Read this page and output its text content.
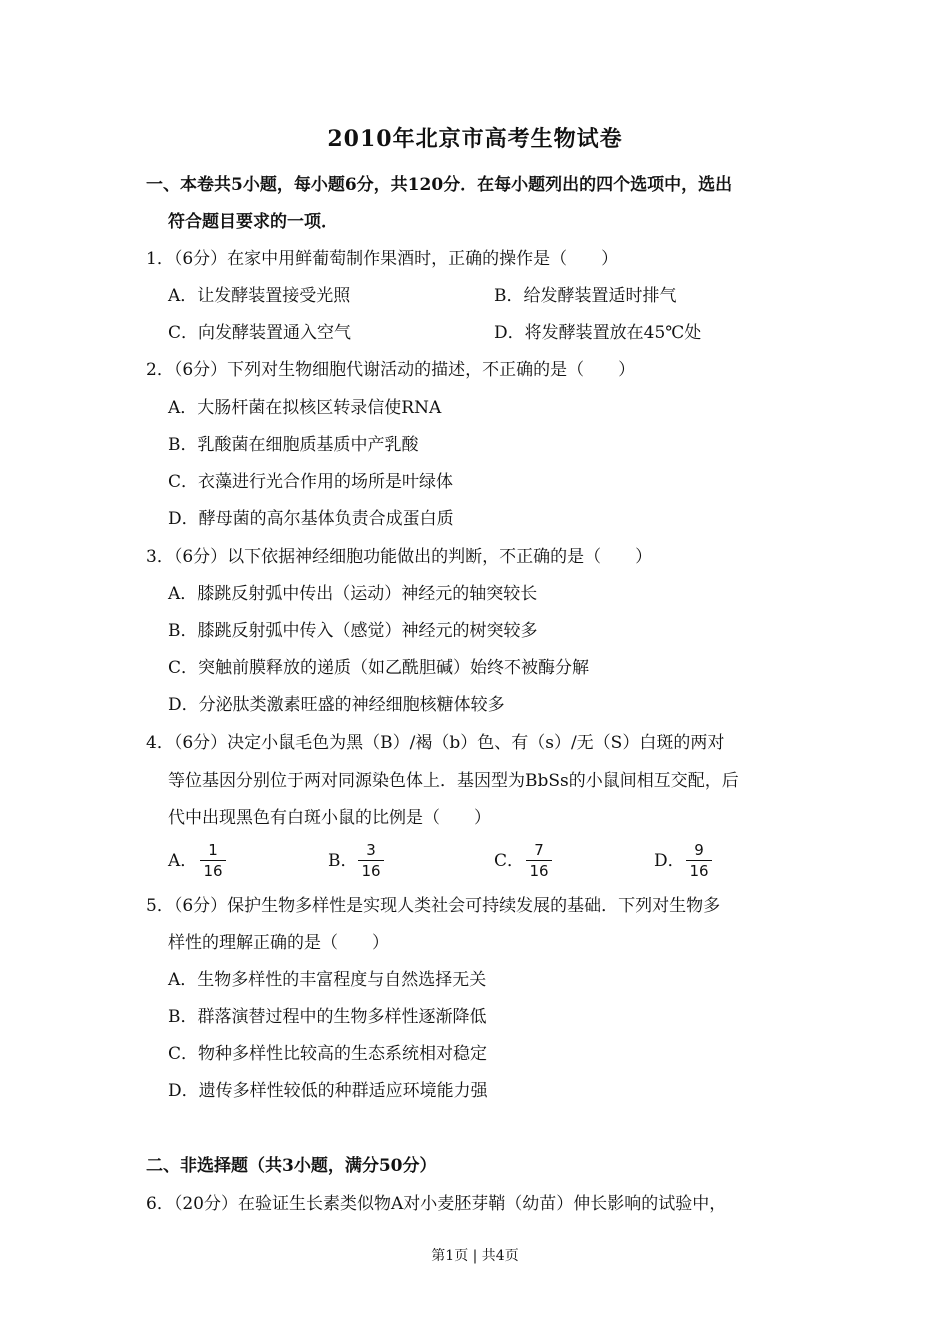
2010年北京市高考生物试卷
一、本卷共5小题，每小题6分，共120分．在每小题列出的四个选项中，选出
符合题目要求的一项．
1．（6分）在家中用鲜葡萄制作果酒时，正确的操作是（　　）
A．让发酵装置接受光照	B．给发酵装置适时排气
C．向发酵装置通入空气	D．将发酵装置放在45℃处
2．（6分）下列对生物细胞代谢活动的描述，不正确的是（　　）
A．大肠杆菌在拟核区转录信使RNA
B．乳酸菌在细胞质基质中产乳酸
C．衣藻进行光合作用的场所是叶绿体
D．酵母菌的高尔基体负责合成蛋白质
3．（6分）以下依据神经细胞功能做出的判断，不正确的是（　　）
A．膝跳反射弧中传出（运动）神经元的轴突较长
B．膝跳反射弧中传入（感觉）神经元的树突较多
C．突触前膜释放的递质（如乙酰胆碱）始终不被酶分解
D．分泌肽类激素旺盛的神经细胞核糖体较多
4．（6分）决定小鼠毛色为黑（B）/褐（b）色、有（s）/无（S）白斑的两对
等位基因分别位于两对同源染色体上．基因型为BbSs的小鼠间相互交配，后
代中出现黑色有白斑小鼠的比例是（　　）
A．
1
16
B．
3
16
C．
7
16
D．
9
16
5．（6分）保护生物多样性是实现人类社会可持续发展的基础．下列对生物多
样性的理解正确的是（　　）
A．生物多样性的丰富程度与自然选择无关
B．群落演替过程中的生物多样性逐渐降低
C．物种多样性比较高的生态系统相对稳定
D．遗传多样性较低的种群适应环境能力强
二、非选择题（共3小题，满分50分）
6．（20分）在验证生长素类似物A对小麦胚芽鞘（幼苗）伸长影响的试验中，
第1页 | 共4页
